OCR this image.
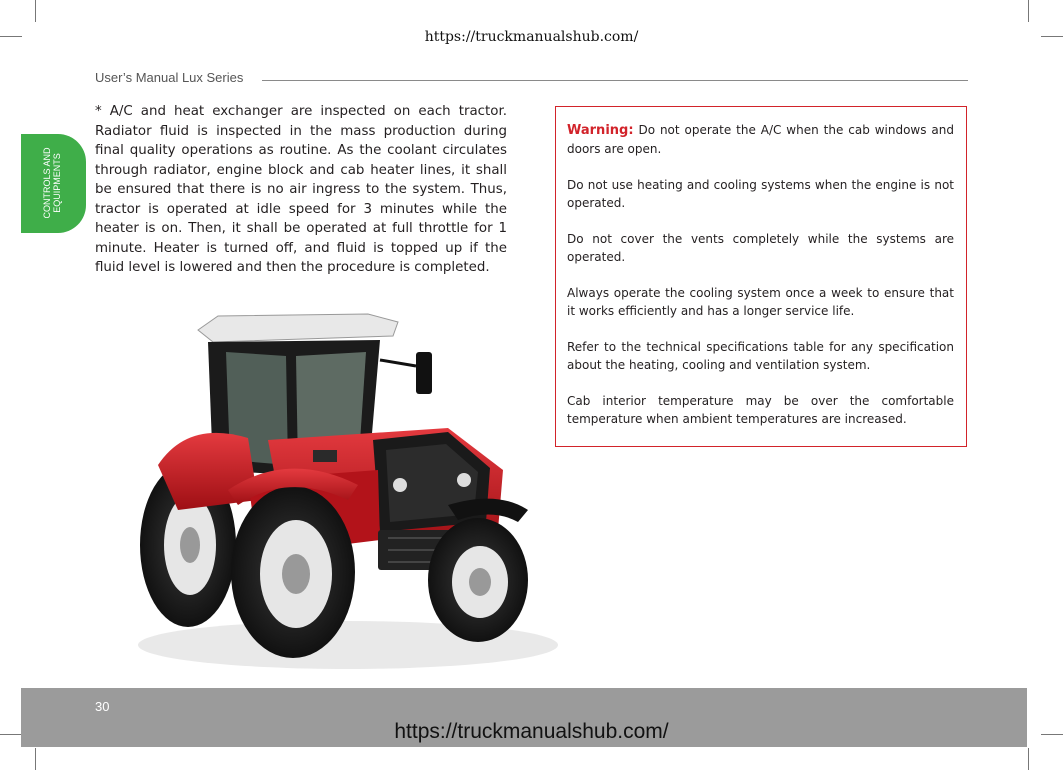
https://truckmanualshub.com/
User’s Manual Lux Series
CONTROLS AND EQUIPMENTS
* A/C and heat exchanger are inspected on each tractor. Radiator fluid is inspected in the mass production during final quality operations as routine. As the coolant circulates through radiator, engine block and cab heater lines, it shall be ensured that there is no air ingress to the system. Thus, tractor is operated at idle speed for 3 minutes while the heater is on. Then, it shall be operated at full throttle for 1 minute. Heater is turned off, and fluid is topped up if the fluid level is lowered and then the procedure is completed.

Warning: Do not operate the A/C when the cab windows and doors are open.

Do not use heating and cooling systems when the engine is not operated.

Do not cover the vents completely while the systems are operated.

Always operate the cooling system once a week to ensure that it works efficiently and has a longer service life.

Refer to the technical specifications table for any specification about the heating, cooling and ventilation system.

Cab interior temperature may be over the comfortable temperature when ambient temperatures are increased.

30
https://truckmanualshub.com/
